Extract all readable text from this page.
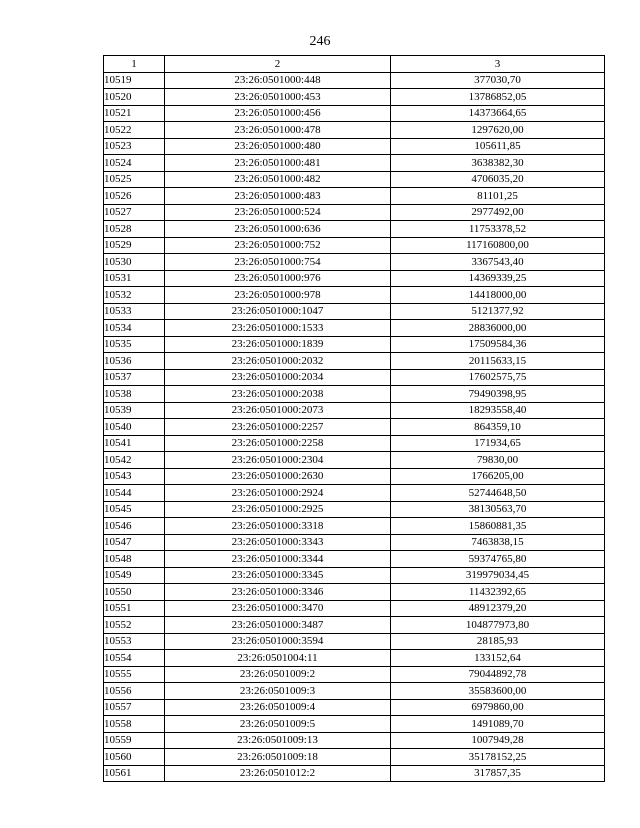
246
1	2	3
10519	23:26:0501000:448	377030,70
10520	23:26:0501000:453	13786852,05
10521	23:26:0501000:456	14373664,65
10522	23:26:0501000:478	1297620,00
10523	23:26:0501000:480	105611,85
10524	23:26:0501000:481	3638382,30
10525	23:26:0501000:482	4706035,20
10526	23:26:0501000:483	81101,25
10527	23:26:0501000:524	2977492,00
10528	23:26:0501000:636	11753378,52
10529	23:26:0501000:752	117160800,00
10530	23:26:0501000:754	3367543,40
10531	23:26:0501000:976	14369339,25
10532	23:26:0501000:978	14418000,00
10533	23:26:0501000:1047	5121377,92
10534	23:26:0501000:1533	28836000,00
10535	23:26:0501000:1839	17509584,36
10536	23:26:0501000:2032	20115633,15
10537	23:26:0501000:2034	17602575,75
10538	23:26:0501000:2038	79490398,95
10539	23:26:0501000:2073	18293558,40
10540	23:26:0501000:2257	864359,10
10541	23:26:0501000:2258	171934,65
10542	23:26:0501000:2304	79830,00
10543	23:26:0501000:2630	1766205,00
10544	23:26:0501000:2924	52744648,50
10545	23:26:0501000:2925	38130563,70
10546	23:26:0501000:3318	15860881,35
10547	23:26:0501000:3343	7463838,15
10548	23:26:0501000:3344	59374765,80
10549	23:26:0501000:3345	319979034,45
10550	23:26:0501000:3346	11432392,65
10551	23:26:0501000:3470	48912379,20
10552	23:26:0501000:3487	104877973,80
10553	23:26:0501000:3594	28185,93
10554	23:26:0501004:11	133152,64
10555	23:26:0501009:2	79044892,78
10556	23:26:0501009:3	35583600,00
10557	23:26:0501009:4	6979860,00
10558	23:26:0501009:5	1491089,70
10559	23:26:0501009:13	1007949,28
10560	23:26:0501009:18	35178152,25
10561	23:26:0501012:2	317857,35
